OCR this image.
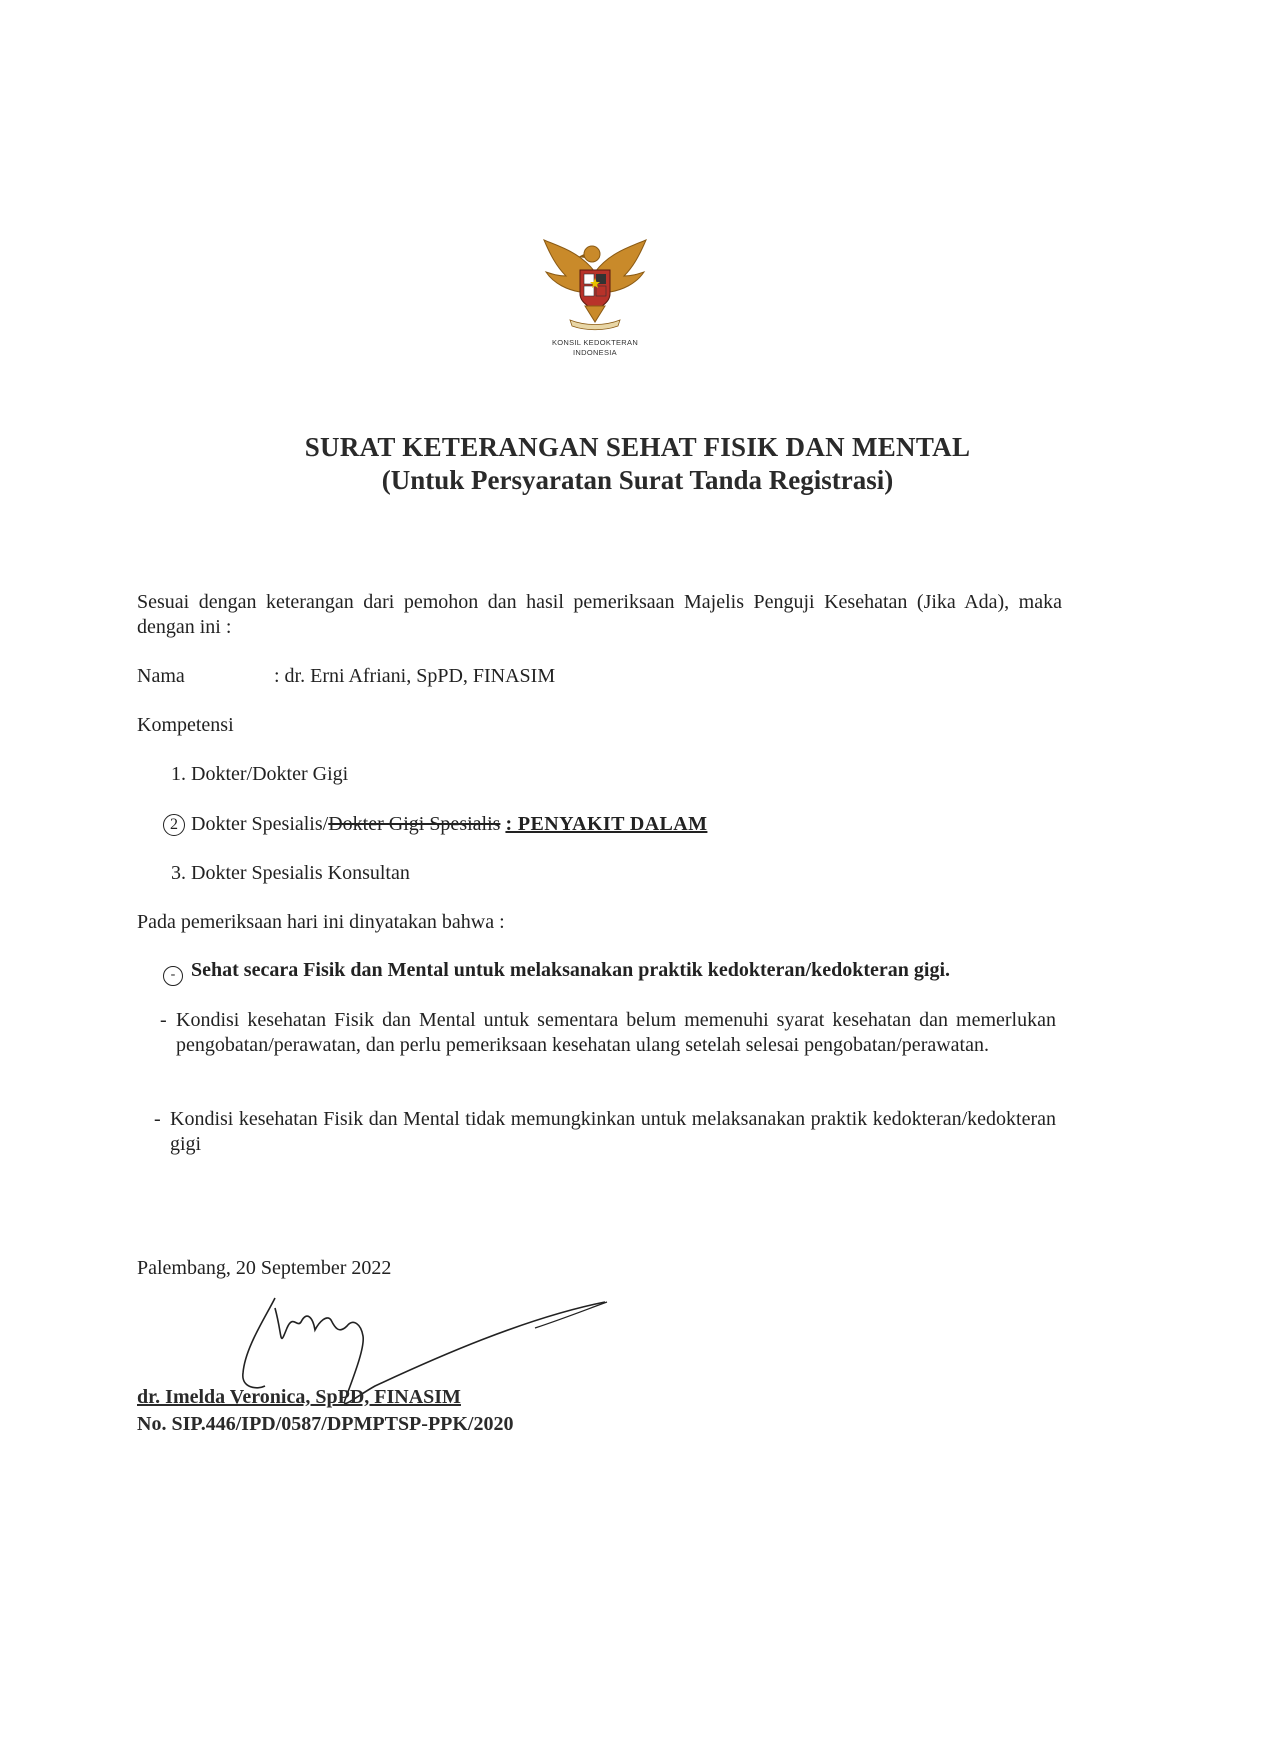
KONSIL KEDOKTERAN
INDONESIA
SURAT KETERANGAN SEHAT FISIK DAN MENTAL
(Untuk Persyaratan Surat Tanda Registrasi)
Sesuai dengan keterangan dari pemohon dan hasil pemeriksaan Majelis Penguji Kesehatan (Jika Ada), maka dengan ini :
Nama	: dr. Erni Afriani, SpPD, FINASIM
Kompetensi
1. Dokter/Dokter Gigi
2 Dokter Spesialis/Dokter Gigi Spesialis : PENYAKIT DALAM
3. Dokter Spesialis Konsultan
Pada pemeriksaan hari ini dinyatakan bahwa :
- Sehat secara Fisik dan Mental untuk melaksanakan praktik kedokteran/kedokteran gigi.
- Kondisi kesehatan Fisik dan Mental untuk sementara belum memenuhi syarat kesehatan dan memerlukan pengobatan/perawatan, dan perlu pemeriksaan kesehatan ulang setelah selesai pengobatan/perawatan.
- Kondisi kesehatan Fisik dan Mental tidak memungkinkan untuk melaksanakan praktik kedokteran/kedokteran gigi
Palembang, 20 September 2022
dr. Imelda Veronica, SpPD, FINASIM
No. SIP.446/IPD/0587/DPMPTSP-PPK/2020
